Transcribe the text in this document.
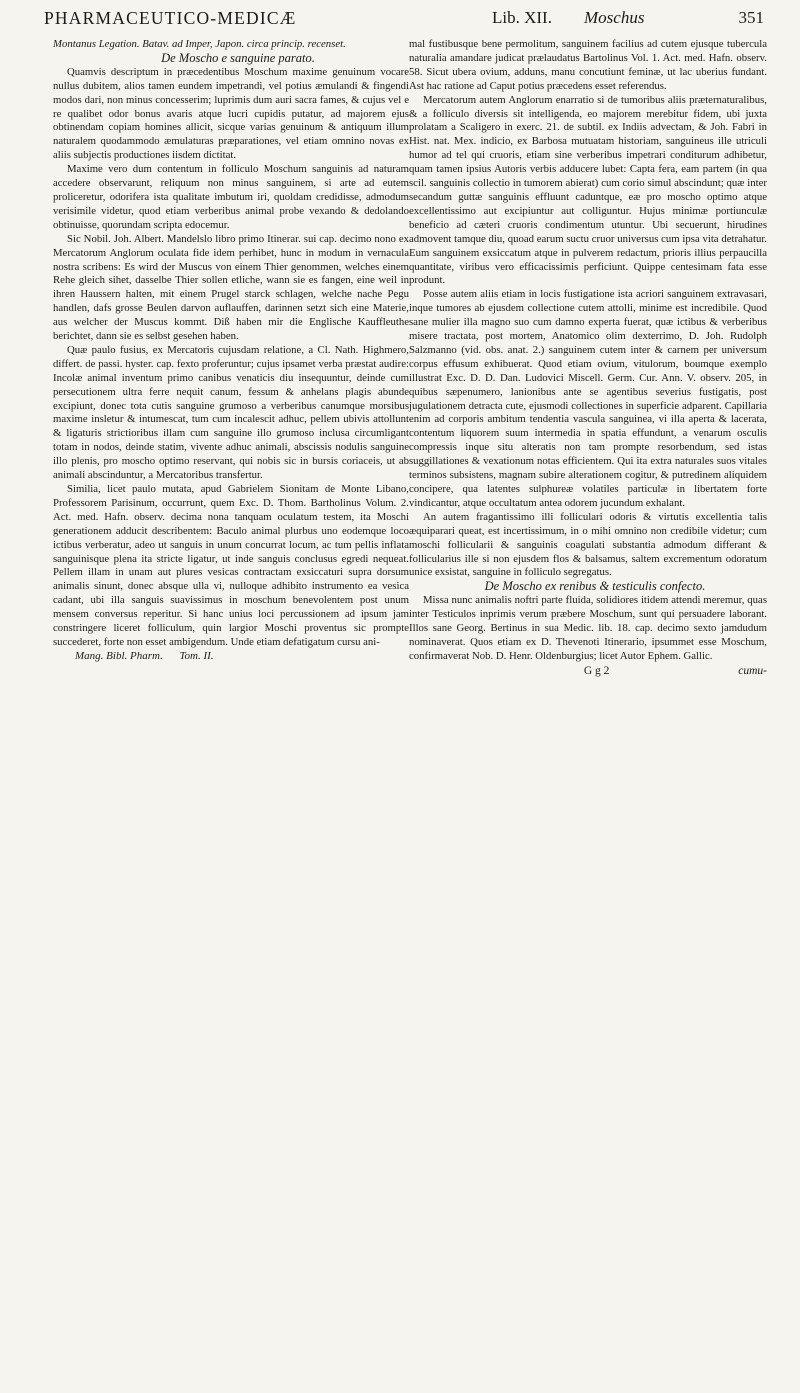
PHARMACEUTICO-MEDICÆ	Lib. XII. Moschus	351

Montanus Legation. Batav. ad Imper, Japon. circa princip. recenset.

De Moscho e sanguine parato.

Quamvis descriptum in præcedentibus Moschum maxime genuinum vocare nullus dubitem, alios tamen eundem impetrandi, vel potius æmulandi & fingendi modos dari, non minus concesserim; luprimis dum auri sacra fames, & cujus vel e re qualibet odor bonus avaris atque lucri cupidis putatur, ad majorem ejus obtinendam copiam homines allicit, sicque varias genuinum & antiquum illum naturalem quodammodo æmulaturas præparationes, vel etiam omnino novas ex aliis subjectis productiones iisdem dictitat.

Maxime vero dum contentum in folliculo Moschum sanguinis ad naturam accedere observarunt, reliquum non minus sanguinem, si arte ad eutem proliceretur, odorifera ista qualitate imbutum iri, quoldam credidisse, admodum verisimile videtur, quod etiam verberibus animal probe vexando & dedolando obtinuisse, quorundam scripta edocemur.

Sic Nobil. Joh. Albert. Mandelslo libro primo Itinerar. sui cap. decimo nono ex Mercatorum Anglorum oculata fide idem perhibet, hunc in modum in vernacula nostra scribens: Es wird der Muscus von einem Thier genommen, welches einem Rehe gleich sihet, dasselbe Thier sollen etliche, wann sie es fangen, eine weil in ihren Haussern halten, mit einem Prugel starck schlagen, welche nache Pegu handlen, dafs grosse Beulen darvon auflauffen, darinnen setzt sich eine Materie, aus welcher der Muscus kommt. Diß haben mir die Englische Kauffleuthe berichtet, dann sie es selbst gesehen haben.

Quæ paulo fusius, ex Mercatoris cujusdam relatione, a Cl. Nath. Highmero, differt. de passi. hyster. cap. fexto proferuntur; cujus ipsamet verba præstat audire: Incolæ animal inventum primo canibus venaticis diu insequuntur, deinde cum persecutionem ultra ferre nequit canum, fessum & anhelans plagis abunde excipiunt, donec tota cutis sanguine grumoso a verberibus canumque morsibus maxime insletur & intumescat, tum cum incalescit adhuc, pellem ubivis attollunt & ligaturis strictioribus illam cum sanguine illo grumoso inclusa circumligant totam in nodos, deinde statim, vivente adhuc animali, abscissis nodulis sanguine illo plenis, pro moscho optimo reservant, qui nobis sic in bursis coriaceis, ut ab animali abscinduntur, a Mercatoribus transfertur.

Similia, licet paulo mutata, apud Gabrielem Sionitam de Monte Libano, Professorem Parisinum, occurrunt, quem Exc. D. Thom. Bartholinus Volum. 2. Act. med. Hafn. observ. decima nona tanquam oculatum testem, ita Moschi generationem adducit describentem: Baculo animal plurbus uno eodemque loco ictibus verberatur, adeo ut sanguis in unum concurrat locum, ac tum pellis inflata sanguinisque plena ita stricte ligatur, ut inde sanguis conclusus egredi nequeat. Pellem illam in unam aut plures vesicas contractam exsiccaturi supra dorsum animalis sinunt, donec absque ulla vi, nulloque adhibito instrumento ea vesica cadant, ubi illa sanguis suavissimus in moschum benevolentem post unum mensem conversus reperitur. Si hanc unius loci percussionem ad ipsum jam constringere liceret folliculum, quin largior Moschi proventus sic prompte succederet, forte non esset ambigendum. Unde etiam defatigatum cursu ani-

Mang. Bibl. Pharm. Tom. II.

mal fustibusque bene permolitum, sanguinem facilius ad cutem ejusque tubercula naturalia amandare judicat prælaudatus Bartolinus Vol. 1. Act. med. Hafn. observ. 58. Sicut ubera ovium, adduns, manu concutiunt feminæ, ut lac uberius fundant. Ast hac ratione ad Caput potius præcedens esset referendus.

Mercatorum autem Anglorum enarratio si de tumoribus aliis præternaturalibus, & a folliculo diversis sit intelligenda, eo majorem merebitur fidem, ubi juxta prolatam a Scaligero in exerc. 21. de subtil. ex Indiis advectam, & Joh. Fabri in Hist. nat. Mex. indicio, ex Barbosa mutuatam historiam, sanguineus ille utriculi humor ad tel qui cruoris, etiam sine verberibus impetrari conditurum adhibetur, quam tamen ipsius Autoris verbis adducere lubet: Capta fera, eam partem (in qua scil. sanguinis collectio in tumorem abierat) cum corio simul abscindunt; quæ inter secandum guttæ sanguinis effluunt caduntque, eæ pro moscho optimo atque excellentissimo aut excipiuntur aut colliguntur. Hujus minimæ portiunculæ beneficio ad cæteri cruoris condimentum utuntur. Ubi secuerunt, hirudines admovent tamque diu, quoad earum suctu cruor universus cum ipsa vita detrahatur. Eum sanguinem exsiccatum atque in pulverem redactum, prioris illius perpaucilla quantitate, viribus vero efficacissimis perficiunt. Quippe centesimam fata esse produnt.

Posse autem aliis etiam in locis fustigatione ista acriori sanguinem extravasari, inque tumores ab ejusdem collectione cutem attolli, minime est incredibile. Quod sane mulier illa magno suo cum damno experta fuerat, quæ ictibus & verberibus misere tractata, post mortem, Anatomico olim dexterrimo, D. Joh. Rudolph Salzmanno (vid. obs. anat. 2.) sanguinem cutem inter & carnem per universum corpus effusum exhibuerat. Quod etiam ovium, vitulorum, boumque exemplo illustrat Exc. D. D. Dan. Ludovici Miscell. Germ. Cur. Ann. V. observ. 205, in quibus sæpenumero, lanionibus ante se agentibus severius fustigatis, post jugulationem detracta cute, ejusmodi collectiones in superficie adparent. Capillaria enim ad corporis ambitum tendentia vascula sanguinea, vi illa aperta & lacerata, contentum liquorem suum intermedia in spatia effundunt, a venarum osculis compressis inque situ alteratis non tam prompte resorbendum, sed istas suggillationes & vexationum notas efficientem. Qui ita extra naturales suos vitales terminos subsistens, magnam subire alterationem cogitur, & putredinem aliquidem concipere, qua latentes sulphureæ volatiles particulæ in libertatem forte vindicantur, atque occultatum antea odorem jucundum exhalant.

An autem fragantissimo illi folliculari odoris & virtutis excellentia talis æquiparari queat, est incertissimum, in o mihi omnino non credibile videtur; cum moschi follicularii & sanguinis coagulati substantia admodum differant & follicularius ille si non ejusdem flos & balsamus, saltem excrementum odoratum unice exsistat, sanguine in folliculo segregatus.

De Moscho ex renibus & testiculis confecto.

Missa nunc animalis noftri parte fluida, solidiores itidem attendi meremur, quas inter Testiculos inprimis verum præbere Moschum, sunt qui persuadere laborant. Illos sane Georg. Bertinus in sua Medic. lib. 18. cap. decimo sexto jamdudum nominaverat. Quos etiam ex D. Thevenoti Itinerario, ipsummet esse Moschum, confirmaverat Nob. D. Henr. Oldenburgius; licet Autor Ephem. Gallic.

G g 2	cumu-
